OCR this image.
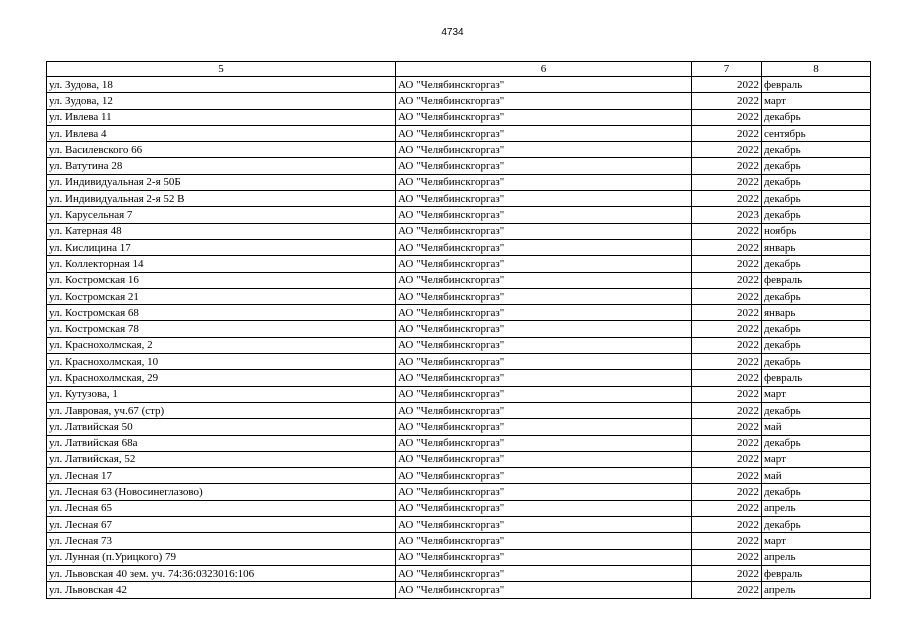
4734
5	6	7	8
ул. Зудова, 18	АО "Челябинскгоргаз"	2022	февраль
ул. Зудова, 12	АО "Челябинскгоргаз"	2022	март
ул. Ивлева 11	АО "Челябинскгоргаз"	2022	декабрь
ул. Ивлева 4	АО "Челябинскгоргаз"	2022	сентябрь
ул. Василевского 66	АО "Челябинскгоргаз"	2022	декабрь
ул. Ватутина 28	АО "Челябинскгоргаз"	2022	декабрь
ул. Индивидуальная 2-я 50Б	АО "Челябинскгоргаз"	2022	декабрь
ул. Индивидуальная 2-я 52 В	АО "Челябинскгоргаз"	2022	декабрь
ул. Карусельная 7	АО "Челябинскгоргаз"	2023	декабрь
ул. Катерная 48	АО "Челябинскгоргаз"	2022	ноябрь
ул. Кислицина 17	АО "Челябинскгоргаз"	2022	январь
ул. Коллекторная 14	АО "Челябинскгоргаз"	2022	декабрь
ул. Костромская 16	АО "Челябинскгоргаз"	2022	февраль
ул. Костромская 21	АО "Челябинскгоргаз"	2022	декабрь
ул. Костромская 68	АО "Челябинскгоргаз"	2022	январь
ул. Костромская 78	АО "Челябинскгоргаз"	2022	декабрь
ул. Краснохолмская, 2	АО "Челябинскгоргаз"	2022	декабрь
ул. Краснохолмская, 10	АО "Челябинскгоргаз"	2022	декабрь
ул. Краснохолмская, 29	АО "Челябинскгоргаз"	2022	февраль
ул. Кутузова, 1	АО "Челябинскгоргаз"	2022	март
ул. Лавровая, уч.67 (стр)	АО "Челябинскгоргаз"	2022	декабрь
ул. Латвийская 50	АО "Челябинскгоргаз"	2022	май
ул. Латвийская 68а	АО "Челябинскгоргаз"	2022	декабрь
ул. Латвийская, 52	АО "Челябинскгоргаз"	2022	март
ул. Лесная 17	АО "Челябинскгоргаз"	2022	май
ул. Лесная 63 (Новосинеглазово)	АО "Челябинскгоргаз"	2022	декабрь
ул. Лесная 65	АО "Челябинскгоргаз"	2022	апрель
ул. Лесная 67	АО "Челябинскгоргаз"	2022	декабрь
ул. Лесная 73	АО "Челябинскгоргаз"	2022	март
ул. Лунная (п.Урицкого) 79	АО "Челябинскгоргаз"	2022	апрель
ул. Львовская 40 зем. уч. 74:36:0323016:106	АО "Челябинскгоргаз"	2022	февраль
ул. Львовская 42	АО "Челябинскгоргаз"	2022	апрель
